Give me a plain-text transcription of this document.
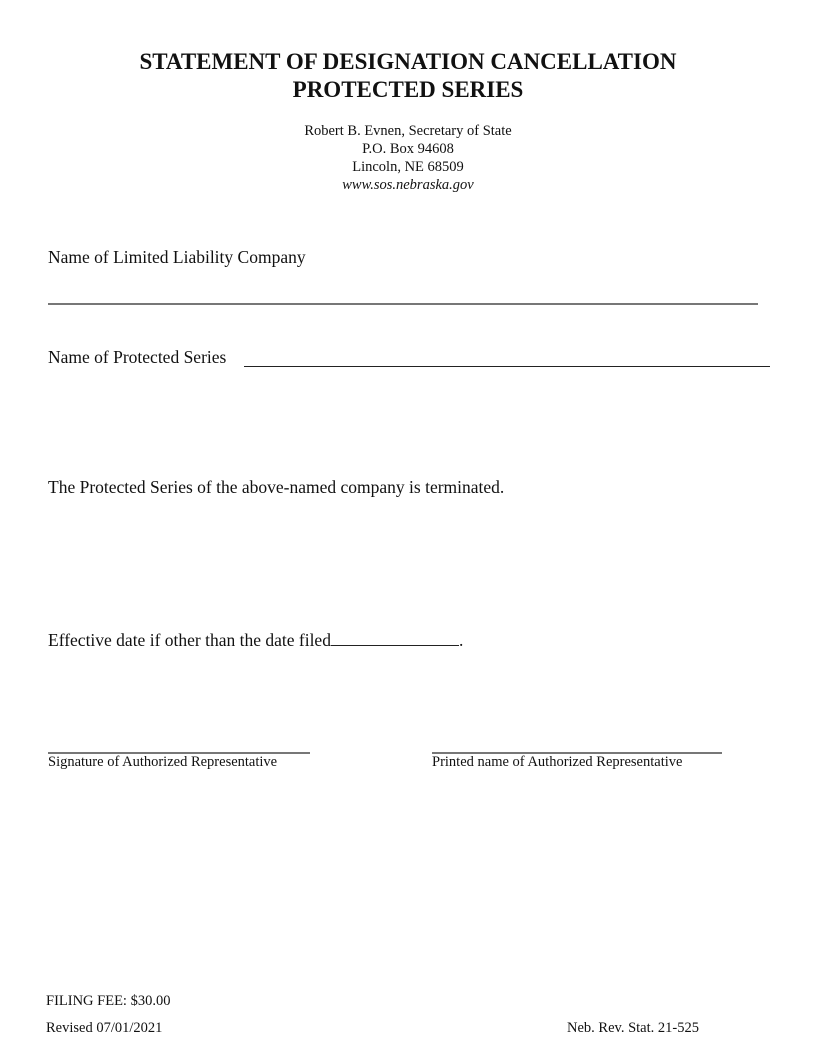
STATEMENT OF DESIGNATION CANCELLATION
PROTECTED SERIES
Robert B. Evnen, Secretary of State
P.O. Box 94608
Lincoln, NE 68509
www.sos.nebraska.gov
Name of Limited Liability Company
Name of Protected Series
The Protected Series of the above-named company is terminated.
Effective date if other than the date filed	.
Signature of Authorized Representative	Printed name of Authorized Representative
FILING FEE: $30.00
Revised 07/01/2021	Neb. Rev. Stat. 21-525
